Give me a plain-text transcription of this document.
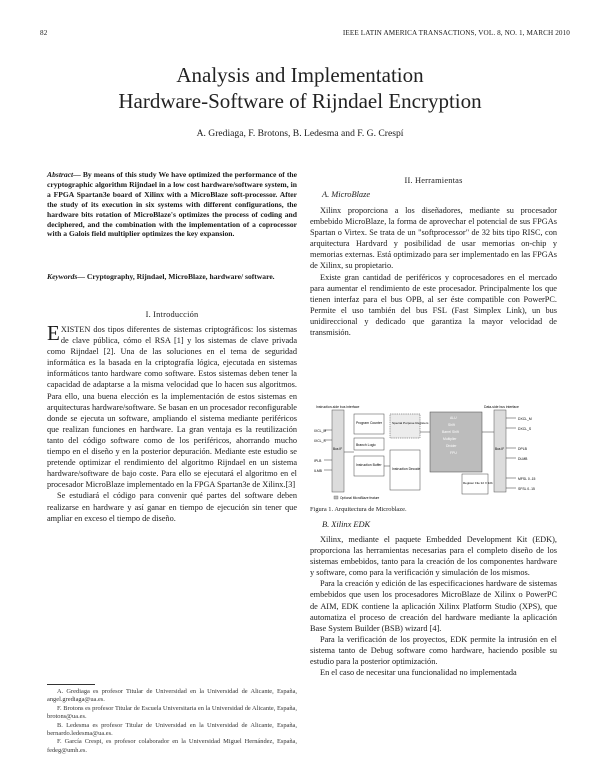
82	IEEE LATIN AMERICA TRANSACTIONS, VOL. 8, NO. 1, MARCH 2010
Analysis and Implementation
Hardware-Software of Rijndael Encryption
A. Grediaga, F. Brotons, B. Ledesma and F. G. Crespí
Abstract— By means of this study We have optimized the performance of the cryptographic algorithm Rijndael in a low cost hardware/software system, in a FPGA Spartan3e board of Xilinx with a MicroBlaze soft-processor. After the study of its execution in six systems with different configurations, the hardware bits rotation of MicroBlaze's optimizes the process of coding and deciphered, and the combination with the implementation of a coprocessor with a Galois field multiplier optimizes the key expansion.
Keywords— Cryptography, Rijndael, MicroBlaze, hardware/ software.
I. Introducción

EXISTEN dos tipos diferentes de sistemas criptográficos: los sistemas de clave pública, cómo el RSA [1] y los sistemas de clave privada como Rijndael [2]. Una de las soluciones en el tema de seguridad informática es la basada en la criptografía lógica, ejecutada en sistemas informáticos tanto hardware como software. Estos sistemas deben tener la capacidad de adaptarse a la misma velocidad que lo hacen sus algoritmos. Para ello, una buena elección es la implementación de estos sistemas en arquitecturas hardware/software. Se basan en un procesador reconfigurable donde se ejecuta un software, ampliando el sistema mediante periféricos que realizan funciones en hardware. La gran ventaja es la reutilización tanto del código software como de los periféricos, ahorrando mucho tiempo en el diseño y en la posterior depuración. Mediante este estudio se pretende optimizar el rendimiento del algoritmo Rijndael en un sistema hardware/software de bajo coste. Para ello se ejecutará el algoritmo en el procesador MicroBlaze implementado en la FPGA Spartan3e de Xilinx.[3]

Se estudiará el código para convenir qué partes del software deben realizarse en hardware y así ganar en tiempo de ejecución sin tener que ampliar en exceso el tiempo de diseño.

A. Grediaga es profesor Titular de Universidad en la Universidad de Alicante, España, angel.grediaga@ua.es.
F. Brotons es profesor Titular de Escuela Universitaria en la Universidad de Alicante, España, brotons@ua.es.
B. Ledesma es profesor Titular de Universidad en la Universidad de Alicante, España, bernardo.ledesma@ua.es.
F. García Crespi, es profesor colaborador en la Universidad Miguel Hernández, España, fedeg@umh.es.
II. Herramientas
A. MicroBlaze

Xilinx proporciona a los diseñadores, mediante su procesador embebido MicroBlaze, la forma de aprovechar el potencial de sus FPGAs Spartan o Virtex. Se trata de un "softprocessor" de 32 bits tipo RISC, con arquitectura Hardvard y posibilidad de usar memorias on-chip y memorias externas. Está optimizado para ser implementado en las FPGAs de Xilinx, su propietario.

Existe gran cantidad de periféricos y coprocesadores en el mercado para aumentar el rendimiento de este procesador. Principalmente los que tienen interfaz para el bus OPB, al ser éste compatible con PowerPC. Permite el uso también del bus FSL (Fast Simplex Link), un bus unidireccional y dedicado que garantiza la mayor velocidad de transmisión.

Instruction-side bus interface	Data-side bus interface
Bus IF	Bus IF
IXCL_M
IXCL_S
IPLB
ILMB
Program Counter	Special Purpose Registers
Branch Logic
Instruction Buffer
Instruction Decode
ALU
Shift
Barrel Shift
Multiplier
Divider
FPU
Register File 32 X 32b
DXCL_M
DXCL_S
DPLB
DLMB
MFSL 0..15
SFSL 0..15
Optional MicroBlaze feature
Figura 1. Arquitectura de Microblaze.
B. Xilinx EDK

Xilinx, mediante el paquete Embedded Development Kit (EDK), proporciona las herramientas necesarias para el completo diseño de los sistemas embebidos, tanto para la creación de los componentes hardware y software, como para la verificación y simulación de los mismos.

Para la creación y edición de las especificaciones hardware de sistemas embebidos que usen los procesadores MicroBlaze de Xilinx o PowerPC de AIM, EDK contiene la aplicación Xilinx Platform Studio (XPS), que automatiza el proceso de creación del hardware mediante la aplicación Base System Builder (BSB) wizard [4].

Para la verificación de los proyectos, EDK permite la intrusión en el sistema tanto de Debug software como hardware, haciendo posible su estudio para la posterior optimización.

En el caso de necesitar una funcionalidad no implementada
